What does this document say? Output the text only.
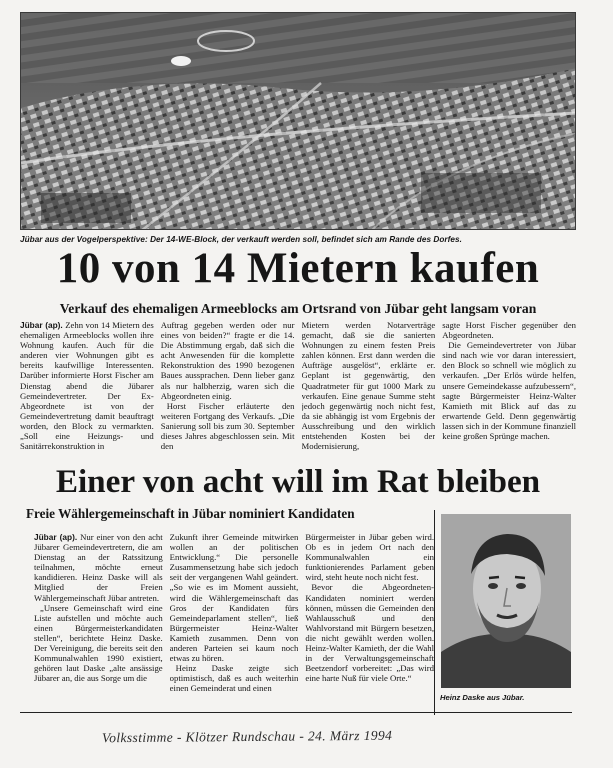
Jübar aus der Vogelperspektive: Der 14-WE-Block, der verkauft werden soll, befindet sich am Rande des Dorfes.
10 von 14 Mietern kaufen
Verkauf des ehemaligen Armeeblocks am Ortsrand von Jübar geht langsam voran

Jübar (ap). Zehn von 14 Mietern des ehemaligen Armeeblocks wollen ihre Wohnung kaufen. Auch für die anderen vier Wohnungen gibt es bereits kaufwillige Interessenten. Darüber informierte Horst Fischer am Dienstag abend die Jübarer Gemeindevertreter. Der Ex-Abgeordnete ist von der Gemeindevertretung damit beauftragt worden, den Block zu vermarkten. „Soll eine Heizungs- und Sanitärrekonstruktion in

Auftrag gegeben werden oder nur eines von beiden?“ fragte er die 14. Die Abstimmung ergab, daß sich die acht Anwesenden für die komplette Rekonstruktion des 1990 bezogenen Baues aussprachen. Denn lieber ganz als nur halbherzig, waren sich die Abgeordneten einig.

Horst Fischer erläuterte den weiteren Fortgang des Verkaufs. „Die Sanierung soll bis zum 30. September dieses Jahres abgeschlossen sein. Mit den

Mietern werden Notarverträge gemacht, daß sie die sanierten Wohnungen zu einem festen Preis zahlen können. Erst dann werden die Aufträge ausgelöst“, erklärte er. Geplant ist gegenwärtig, den Quadratmeter für gut 1000 Mark zu verkaufen. Eine genaue Summe steht jedoch gegenwärtig noch nicht fest, da sie abhängig ist vom Ergebnis der Ausschreibung und den wirklich entstehenden Kosten bei der Modernisierung,

sagte Horst Fischer gegenüber den Abgeordneten.

Die Gemeindevertreter von Jübar sind nach wie vor daran interessiert, den Block so schnell wie möglich zu verkaufen. „Der Erlös würde helfen, unsere Gemeindekasse aufzubessern“, sagte Bürgermeister Heinz-Walter Kamieth mit Blick auf das zu erwartende Geld. Denn gegenwärtig lassen sich in der Kommune finanziell keine großen Sprünge machen.

Einer von acht will im Rat bleiben
Freie Wählergemeinschaft in Jübar nominiert Kandidaten

Jübar (ap). Nur einer von den acht Jübarer Gemeindevertretern, die am Dienstag an der Ratssitzung teilnahmen, möchte erneut kandidieren. Heinz Daske will als Mitglied der Freien Wählergemeinschaft Jübar antreten.

„Unsere Gemeinschaft wird eine Liste aufstellen und möchte auch einen Bürgermeisterkandidaten stellen“, berichtete Heinz Daske. Der Vereinigung, die bereits seit den Kommunalwahlen 1990 existiert, gehören laut Daske „alte ansässige Jübarer an, die aus Sorge um die

Zukunft ihrer Gemeinde mitwirken wollen an der politischen Entwicklung.“ Die personelle Zusammensetzung habe sich jedoch seit der vergangenen Wahl geändert. „So wie es im Moment aussieht, wird die Wählergemeinschaft das Gros der Kandidaten fürs Gemeindeparlament stellen“, ließ Bürgermeister Heinz-Walter Kamieth zusammen. Denn von anderen Parteien sei kaum noch etwas zu hören.

Heinz Daske zeigte sich optimistisch, daß es auch weiterhin einen Gemeinderat und einen

Bürgermeister in Jübar geben wird. Ob es in jedem Ort nach den Kommunalwahlen ein funktionierendes Parlament geben wird, steht heute noch nicht fest.

Bevor die Abgeordneten-Kandidaten nominiert werden können, müssen die Gemeinden den Wahlausschuß und den Wahlvorstand mit Bürgern besetzen, die nicht gewählt werden wollen. Heinz-Walter Kamieth, der die Wahl in der Verwaltungsgemeinschaft Beetzendorf vorbereitet: „Das wird eine harte Nuß für viele Orte.“

Heinz Daske aus Jübar.
Volksstimme - Klötzer Rundschau - 24. März 1994
